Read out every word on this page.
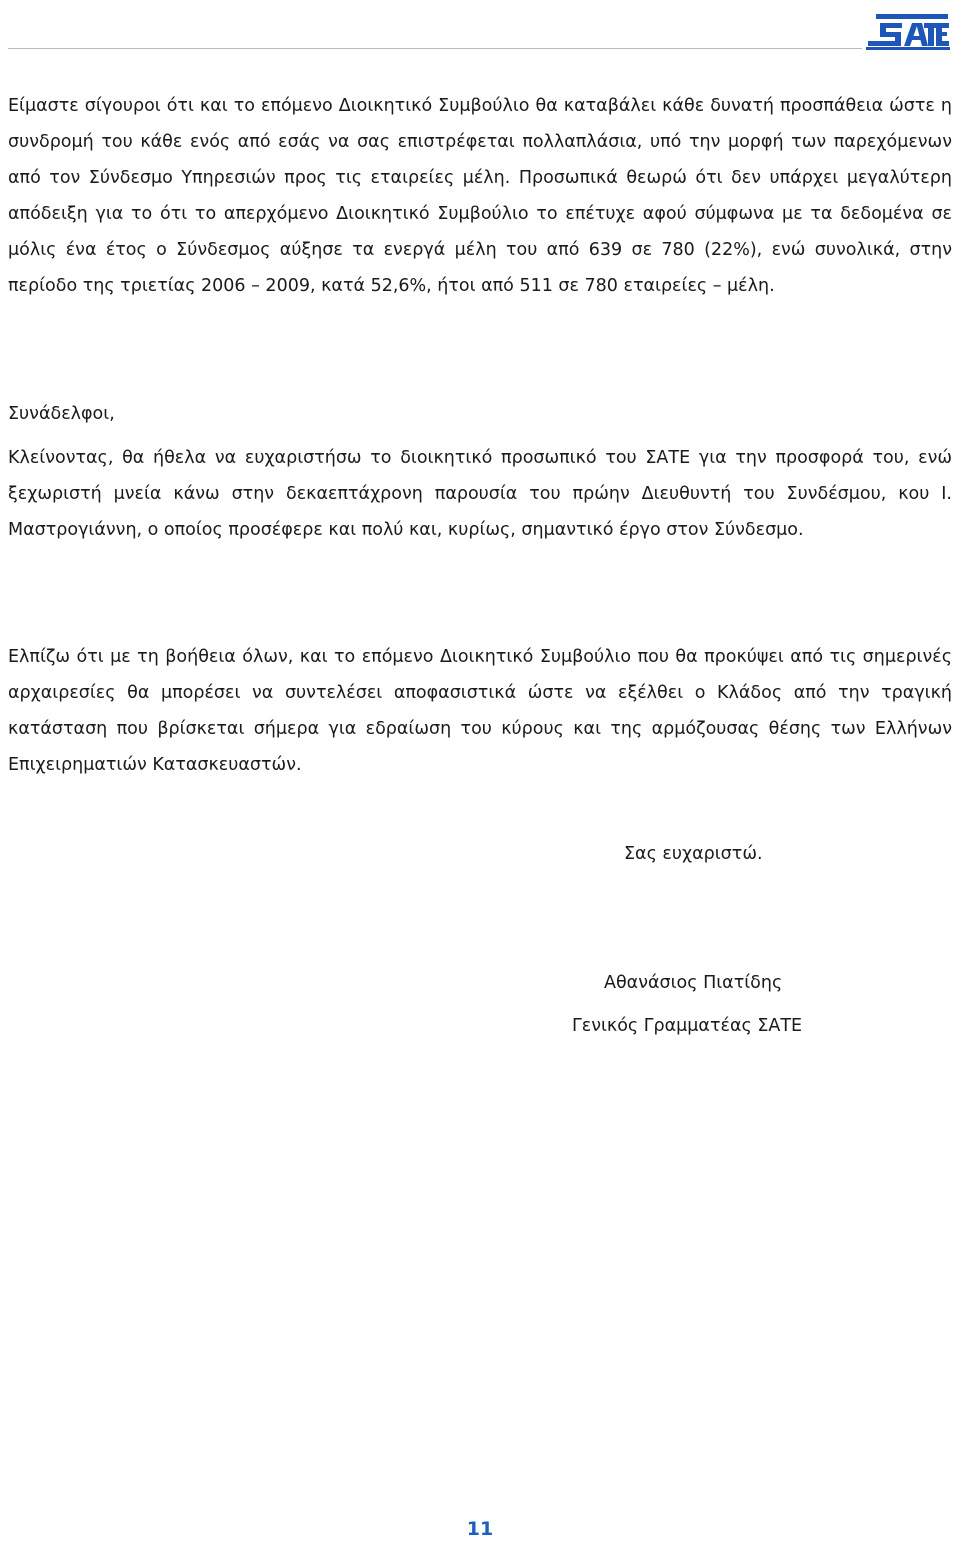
Είμαστε σίγουροι ότι και το επόμενο Διοικητικό Συμβούλιο θα καταβάλει κάθε δυνατή προσπάθεια ώστε η συνδρομή του κάθε ενός από εσάς να σας επιστρέφεται πολλαπλάσια, υπό την μορφή των παρεχόμενων από τον Σύνδεσμο Υπηρεσιών προς τις εταιρείες μέλη. Προσωπικά θεωρώ ότι δεν υπάρχει μεγαλύτερη απόδειξη για το ότι το απερχόμενο Διοικητικό Συμβούλιο το επέτυχε αφού σύμφωνα με τα δεδομένα σε μόλις ένα έτος ο Σύνδεσμος αύξησε τα ενεργά μέλη του από 639 σε 780 (22%), ενώ συνολικά, στην περίοδο της τριετίας 2006 – 2009, κατά 52,6%, ήτοι από 511 σε 780 εταιρείες – μέλη.

Συνάδελφοι,

Κλείνοντας, θα ήθελα να ευχαριστήσω το διοικητικό προσωπικό του ΣΑΤΕ για την προσφορά του, ενώ ξεχωριστή μνεία κάνω στην δεκαεπτάχρονη παρουσία του πρώην Διευθυντή του Συνδέσμου, κου Ι. Μαστρογιάννη, ο οποίος προσέφερε και πολύ και, κυρίως, σημαντικό έργο στον Σύνδεσμο.

Ελπίζω ότι με τη βοήθεια όλων, και το επόμενο Διοικητικό Συμβούλιο που θα προκύψει από τις σημερινές αρχαιρεσίες θα μπορέσει να συντελέσει αποφασιστικά ώστε να εξέλθει ο Κλάδος από την τραγική κατάσταση που βρίσκεται σήμερα για εδραίωση του κύρους και της αρμόζουσας θέσης των Ελλήνων Επιχειρηματιών Κατασκευαστών.

Σας ευχαριστώ.

Αθανάσιος Πιατίδης

Γενικός Γραμματέας ΣΑΤΕ

11
